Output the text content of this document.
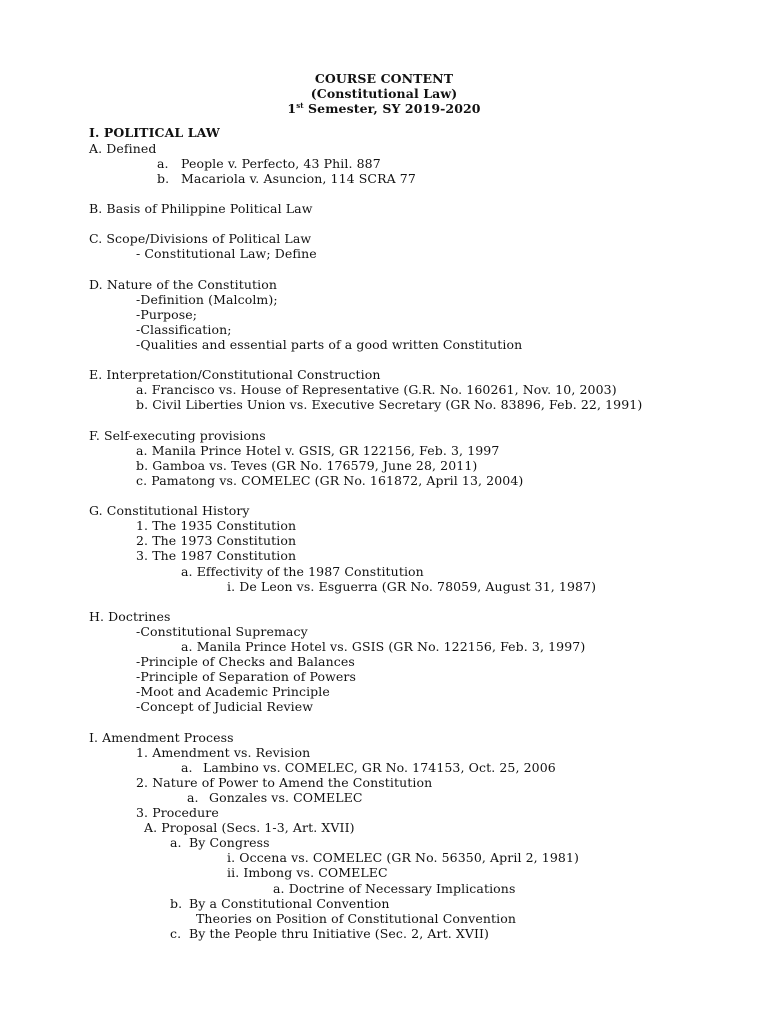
COURSE CONTENT
(Constitutional Law)
1st Semester, SY 2019-2020
I. POLITICAL LAW
A. Defined
a. People v. Perfecto, 43 Phil. 887
b. Macariola v. Asuncion, 114 SCRA 77
B. Basis of Philippine Political Law
C. Scope/Divisions of Political Law
- Constitutional Law; Define
D. Nature of the Constitution
-Definition (Malcolm);
-Purpose;
-Classification;
-Qualities and essential parts of a good written Constitution
E. Interpretation/Constitutional Construction
a. Francisco vs. House of Representative (G.R. No. 160261, Nov. 10, 2003)
b. Civil Liberties Union vs. Executive Secretary (GR No. 83896, Feb. 22, 1991)
F. Self-executing provisions
a. Manila Prince Hotel v. GSIS, GR 122156, Feb. 3, 1997
b. Gamboa vs. Teves (GR No. 176579, June 28, 2011)
c. Pamatong vs. COMELEC (GR No. 161872, April 13, 2004)
G. Constitutional History
1. The 1935 Constitution
2. The 1973 Constitution
3. The 1987 Constitution
a. Effectivity of the 1987 Constitution
i. De Leon vs. Esguerra (GR No. 78059, August 31, 1987)
H. Doctrines
-Constitutional Supremacy
a. Manila Prince Hotel vs. GSIS (GR No. 122156, Feb. 3, 1997)
-Principle of Checks and Balances
-Principle of Separation of Powers
-Moot and Academic Principle
-Concept of Judicial Review
I. Amendment Process
1. Amendment vs. Revision
a. Lambino vs. COMELEC, GR No. 174153, Oct. 25, 2006
2. Nature of Power to Amend the Constitution
a. Gonzales vs. COMELEC
3. Procedure
A. Proposal (Secs. 1-3, Art. XVII)
a. By Congress
i. Occena vs. COMELEC (GR No. 56350, April 2, 1981)
ii. Imbong vs. COMELEC
a. Doctrine of Necessary Implications
b. By a Constitutional Convention
Theories on Position of Constitutional Convention
c. By the People thru Initiative (Sec. 2, Art. XVII)
